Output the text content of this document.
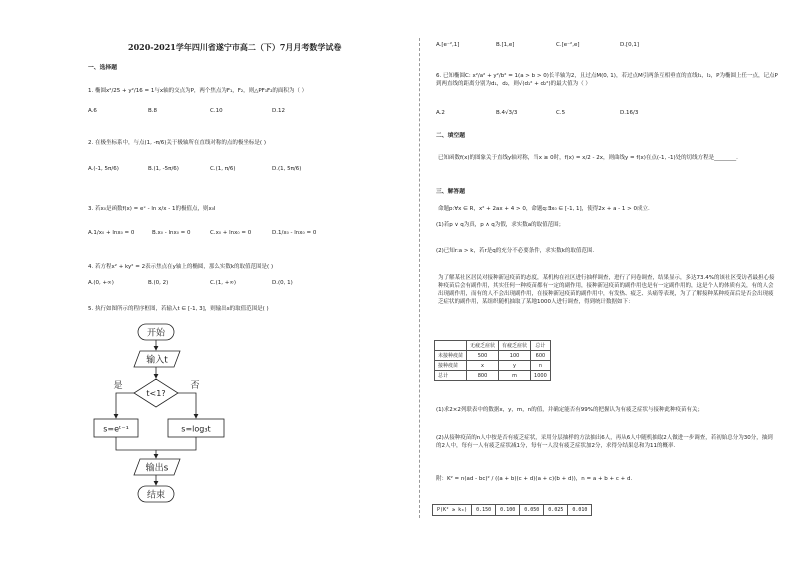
2020-2021学年四川省遂宁市高二（下）7月月考数学试卷
一、选择题
1. 椭圆x²/25 + y²/16 = 1与x轴的交点为P，两个焦点为F₁，F₂，则△PF₁F₂的面积为（ ）
A.6	B.8	C.10	D.12
2. 在极坐标系中，与点(1, -π/6)关于极轴所在直线对称的点的极坐标是( )
A.(-1, 5π/6)	B.(1, -5π/6)	C.(1, π/6)	D.(1, 5π/6)
3. 若x₀是函数f(x) = eˣ - ln x/x - 1的极值点，则x₀l
A.1/x₀ + lnx₀ = 0	B.x₀ - lnx₀ = 0	C.x₀ + lnx₀ = 0	D.1/x₀ - lnx₀ = 0
4. 若方程x² + ky² = 2表示焦点在y轴上的椭圆，那么实数k的取值范围是( )
A.(0, +∞)	B.(0, 2)	C.(1, +∞)	D.(0, 1)
5. 执行如图所示的程序框图，若输入t ∈ [-1, 3]，则输出s的取值范围是( )
开始
输入t
t<1?
是	否
s=eᵗ⁻¹	s=log₃t
输出s
结束
A.[e⁻²,1]	B.[1,e]	C.[e⁻²,e]	D.[0,1]
6. 已知椭圆C: x²/a² + y²/b² = 1(a > b > 0)长半轴为2，且过点M(0, 1)，若过点M引两条互相垂直的直线l₁，l₂，P为椭圆上任一点，记点P到两直线的距离分别为d₁，d₂，则√(d₁² + d₂²)的最大值为（ ）
A.2	B.4√3/3	C.5	D.16/3
二、填空题
已知函数f(x)的图象关于直线y轴对称，当x ≥ 0时，f(x) = x/2 - 2x，则曲线y = f(x)在点(-1, -1)处的切线方程是________.
三、解答题
命题p:∀x ∈ R，x² + 2ax + 4 > 0，命题q:∃x₀ ∈ [-1, 1]，使得2x + a - 1 > 0成立.
(1)若p ∨ q为真，p ∧ q为假，求实数a的取值范围；
(2)已知r:a > k，若r是q的充分不必要条件，求实数k的取值范围.
为了解某社区居民对接种新冠疫苗的态度，某机构在社区进行抽样调查，进行了问卷调查，结果显示，多达73.4%的该社区受访者最担心接种疫苗后会有副作用，其实任何一种疫苗都有一定的副作用，接种新冠疫苗的副作用也是有一定副作用的，这是个人的体质有关，有的人会出现副作用，而有的人不会出现副作用，在接种新冠疫苗的副作用中，有发热、疲乏、头痛等表现，为了了解接种某种疫苗后是否会出现疲乏症状的副作用，某组织随机抽取了某地1000人进行调查，得到统计数据如下：
	无疲乏症状	有疲乏症状	总计
未接种疫苗	500	100	600
接种疫苗	x	y	n
总计	800	m	1000
(1)求2×2列联表中的数据x，y，m，n的值，并确定能否有99%的把握认为有疲乏症状与接种此种疫苗有关；
(2)从接种疫苗的n人中按是否有疲乏症状，采用分层抽样的方法抽出6人，再从6人中随机抽取2人做进一步调查，若初始总分为30分，抽到的2人中，每有一人有疲乏症状减1分，每有一人没有疲乏症状加2分，求得分结果总和为11的概率.
附：K² = n(ad - bc)² / ((a + b)(c + d)(a + c)(b + d))，n = a + b + c + d.
P(K² ≥ k₀)	0.150	0.100	0.050	0.025	0.010
